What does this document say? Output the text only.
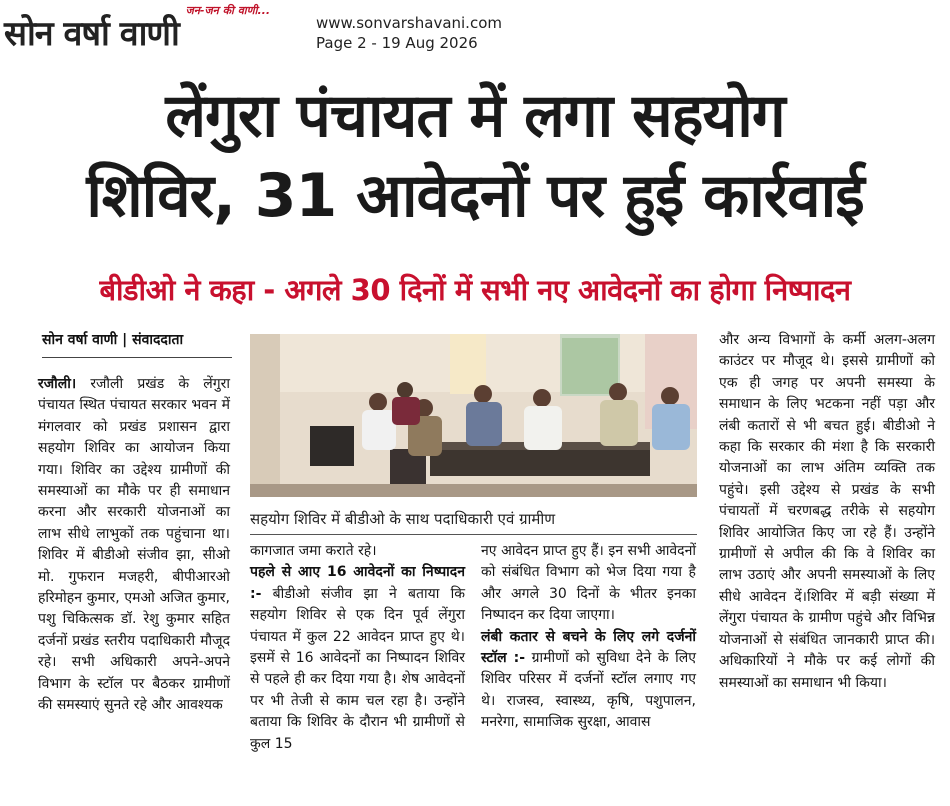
जन-जन की वाणी...
सोन वर्षा वाणी	www.sonvarshavani.com
Page 2 - 19 Aug 2026
लेंगुरा पंचायत में लगा सहयोग
शिविर, 31 आवेदनों पर हुई कार्रवाई
बीडीओ ने कहा - अगले 30 दिनों में सभी नए आवेदनों का होगा निष्पादन
सोन वर्षा वाणी | संवाददाता
रजौली। रजौली प्रखंड के लेंगुरा पंचायत स्थित पंचायत सरकार भवन में मंगलवार को प्रखंड प्रशासन द्वारा सहयोग शिविर का आयोजन किया गया। शिविर का उद्देश्य ग्रामीणों की समस्याओं का मौके पर ही समाधान करना और सरकारी योजनाओं का लाभ सीधे लाभुकों तक पहुंचाना था।शिविर में बीडीओ संजीव झा, सीओ मो. गुफरान मजहरी, बीपीआरओ हरिमोहन कुमार, एमओ अजित कुमार, पशु चिकित्सक डॉ. रेशु कुमार सहित दर्जनों प्रखंड स्तरीय पदाधिकारी मौजूद रहे। सभी अधिकारी अपने-अपने विभाग के स्टॉल पर बैठकर ग्रामीणों की समस्याएं सुनते रहे और आवश्यक
सहयोग शिविर में बीडीओ के साथ पदाधिकारी एवं ग्रामीण
कागजात जमा कराते रहे।
पहले से आए 16 आवेदनों का निष्पादन :- बीडीओ संजीव झा ने बताया कि सहयोग शिविर से एक दिन पूर्व लेंगुरा पंचायत में कुल 22 आवेदन प्राप्त हुए थे। इसमें से 16 आवेदनों का निष्पादन शिविर से पहले ही कर दिया गया है। शेष आवेदनों पर भी तेजी से काम चल रहा है। उन्होंने बताया कि शिविर के दौरान भी ग्रामीणों से कुल 15
नए आवेदन प्राप्त हुए हैं। इन सभी आवेदनों को संबंधित विभाग को भेज दिया गया है और अगले 30 दिनों के भीतर इनका निष्पादन कर दिया जाएगा।
लंबी कतार से बचने के लिए लगे दर्जनों स्टॉल :- ग्रामीणों को सुविधा देने के लिए शिविर परिसर में दर्जनों स्टॉल लगाए गए थे। राजस्व, स्वास्थ्य, कृषि, पशुपालन, मनरेगा, सामाजिक सुरक्षा, आवास
और अन्य विभागों के कर्मी अलग-अलग काउंटर पर मौजूद थे। इससे ग्रामीणों को एक ही जगह पर अपनी समस्या के समाधान के लिए भटकना नहीं पड़ा और लंबी कतारों से भी बचत हुई। बीडीओ ने कहा कि सरकार की मंशा है कि सरकारी योजनाओं का लाभ अंतिम व्यक्ति तक पहुंचे। इसी उद्देश्य से प्रखंड के सभी पंचायतों में चरणबद्ध तरीके से सहयोग शिविर आयोजित किए जा रहे हैं। उन्होंने ग्रामीणों से अपील की कि वे शिविर का लाभ उठाएं और अपनी समस्याओं के लिए सीधे आवेदन दें।शिविर में बड़ी संख्या में लेंगुरा पंचायत के ग्रामीण पहुंचे और विभिन्न योजनाओं से संबंधित जानकारी प्राप्त की। अधिकारियों ने मौके पर कई लोगों की समस्याओं का समाधान भी किया।
